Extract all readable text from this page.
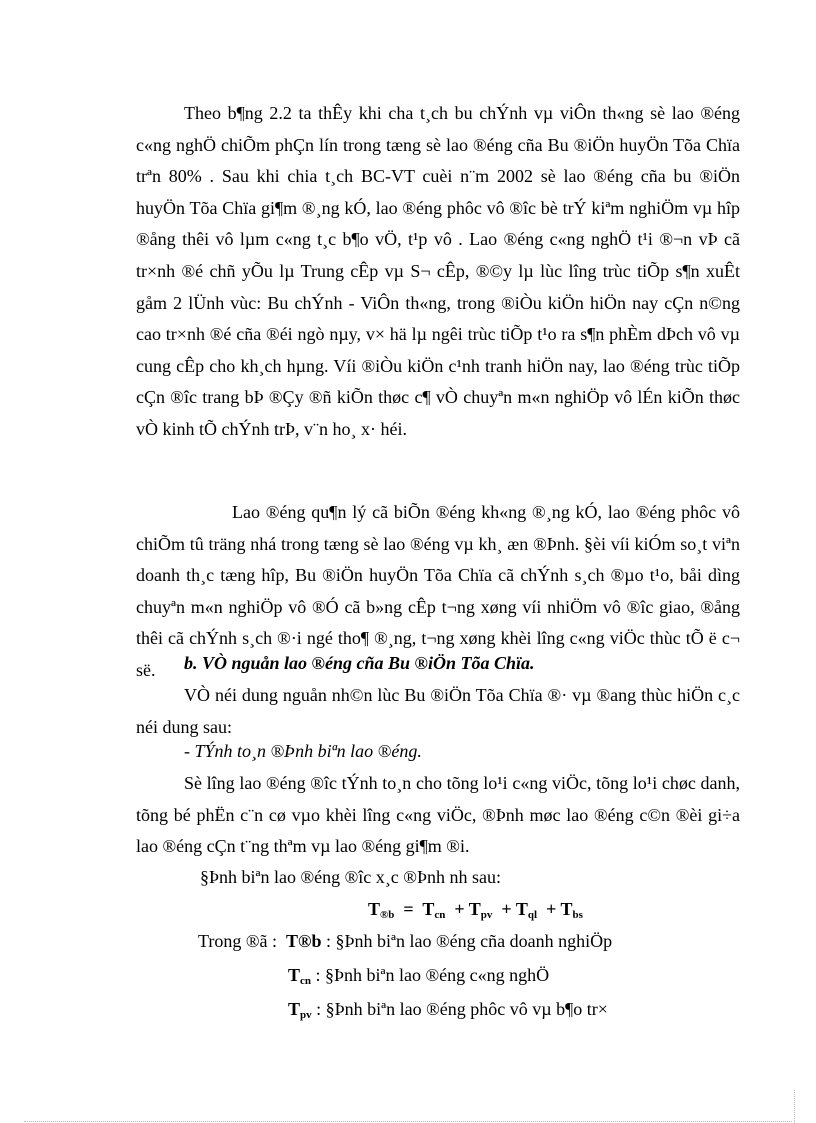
Theo b¶ng 2.2 ta thÊy khi cha t¸ch bu chÝnh vµ viÔn th«ng sè lao ®éng c«ng nghÖ chiÕm phÇn lín trong tæng sè lao ®éng cña Bu ®iÖn huyÖn Tõa Chïa trªn 80% . Sau khi chia t¸ch BC-VT cuèi n¨m 2002 sè lao ®éng cña bu ®iÖn huyÖn Tõa Chïa gi¶m ®¸ng kÓ, lao ®éng phôc vô ®îc bè trÝ kiªm nghiÖm vµ hîp ®ång thêi vô lµm c«ng t¸c b¶o vÖ, t¹p vô . Lao ®éng c«ng nghÖ t¹i ®¬n vÞ cã tr×nh ®é chñ yÕu lµ Trung cÊp vµ S¬ cÊp, ®©y lµ lùc lîng trùc tiÕp s¶n xuÊt gåm 2 lÜnh vùc: Bu chÝnh - ViÔn th«ng, trong ®iÒu kiÖn hiÖn nay cÇn n©ng cao tr×nh ®é cña ®éi ngò nµy, v× hä lµ ngêi trùc tiÕp t¹o ra s¶n phÈm dÞch vô vµ cung cÊp cho kh¸ch hµng. Víi ®iÒu kiÖn c¹nh tranh hiÖn nay, lao ®éng trùc tiÕp cÇn ®îc trang bÞ ®Çy ®ñ kiÕn thøc c¶ vÒ chuyªn m«n nghiÖp vô lÉn kiÕn thøc vÒ kinh tÕ chÝnh trÞ, v¨n ho¸ x· héi.

Lao ®éng qu¶n lý cã biÕn ®éng kh«ng ®¸ng kÓ, lao ®éng phôc vô chiÕm tû träng nhá trong tæng sè lao ®éng vµ kh¸ æn ®Þnh. §èi víi kiÓm so¸t viªn doanh th¸c tæng hîp, Bu ®iÖn huyÖn Tõa Chïa cã chÝnh s¸ch ®µo t¹o, båi dìng chuyªn m«n nghiÖp vô ®Ó cã b»ng cÊp t¬ng xøng víi nhiÖm vô ®îc giao, ®ång thêi cã chÝnh s¸ch ®·i ngé tho¶ ®¸ng, t¬ng xøng khèi lîng c«ng viÖc thùc tÕ ë c¬ së.	b. VÒ nguån lao ®éng cña Bu ®iÖn Tõa Chïa.

VÒ néi dung nguån nh©n lùc Bu ®iÖn Tõa Chïa ®· vµ ®ang thùc hiÖn c¸c néi dung sau:

- TÝnh to¸n ®Þnh biªn lao ®éng.

Sè lîng lao ®éng ®îc tÝnh to¸n cho tõng lo¹i c«ng viÖc, tõng lo¹i chøc danh, tõng bé phËn c¨n cø vµo khèi lîng c«ng viÖc, ®Þnh møc lao ®éng c©n ®èi gi÷a lao ®éng cÇn t¨ng thªm vµ lao ®éng gi¶m ®i.

§Þnh biªn lao ®éng ®îc x¸c ®Þnh nh sau:

$T_{®b} = T_{cn} + T_{pv} + T_{ql} + T_{bs}$

Trong ®ã : T®b : §Þnh biªn lao ®éng cña doanh nghiÖp

$T_{cn}$ : §Þnh biªn lao ®éng c«ng nghÖ

$T_{pv}$ : §Þnh biªn lao ®éng phôc vô vµ b¶o tr×
